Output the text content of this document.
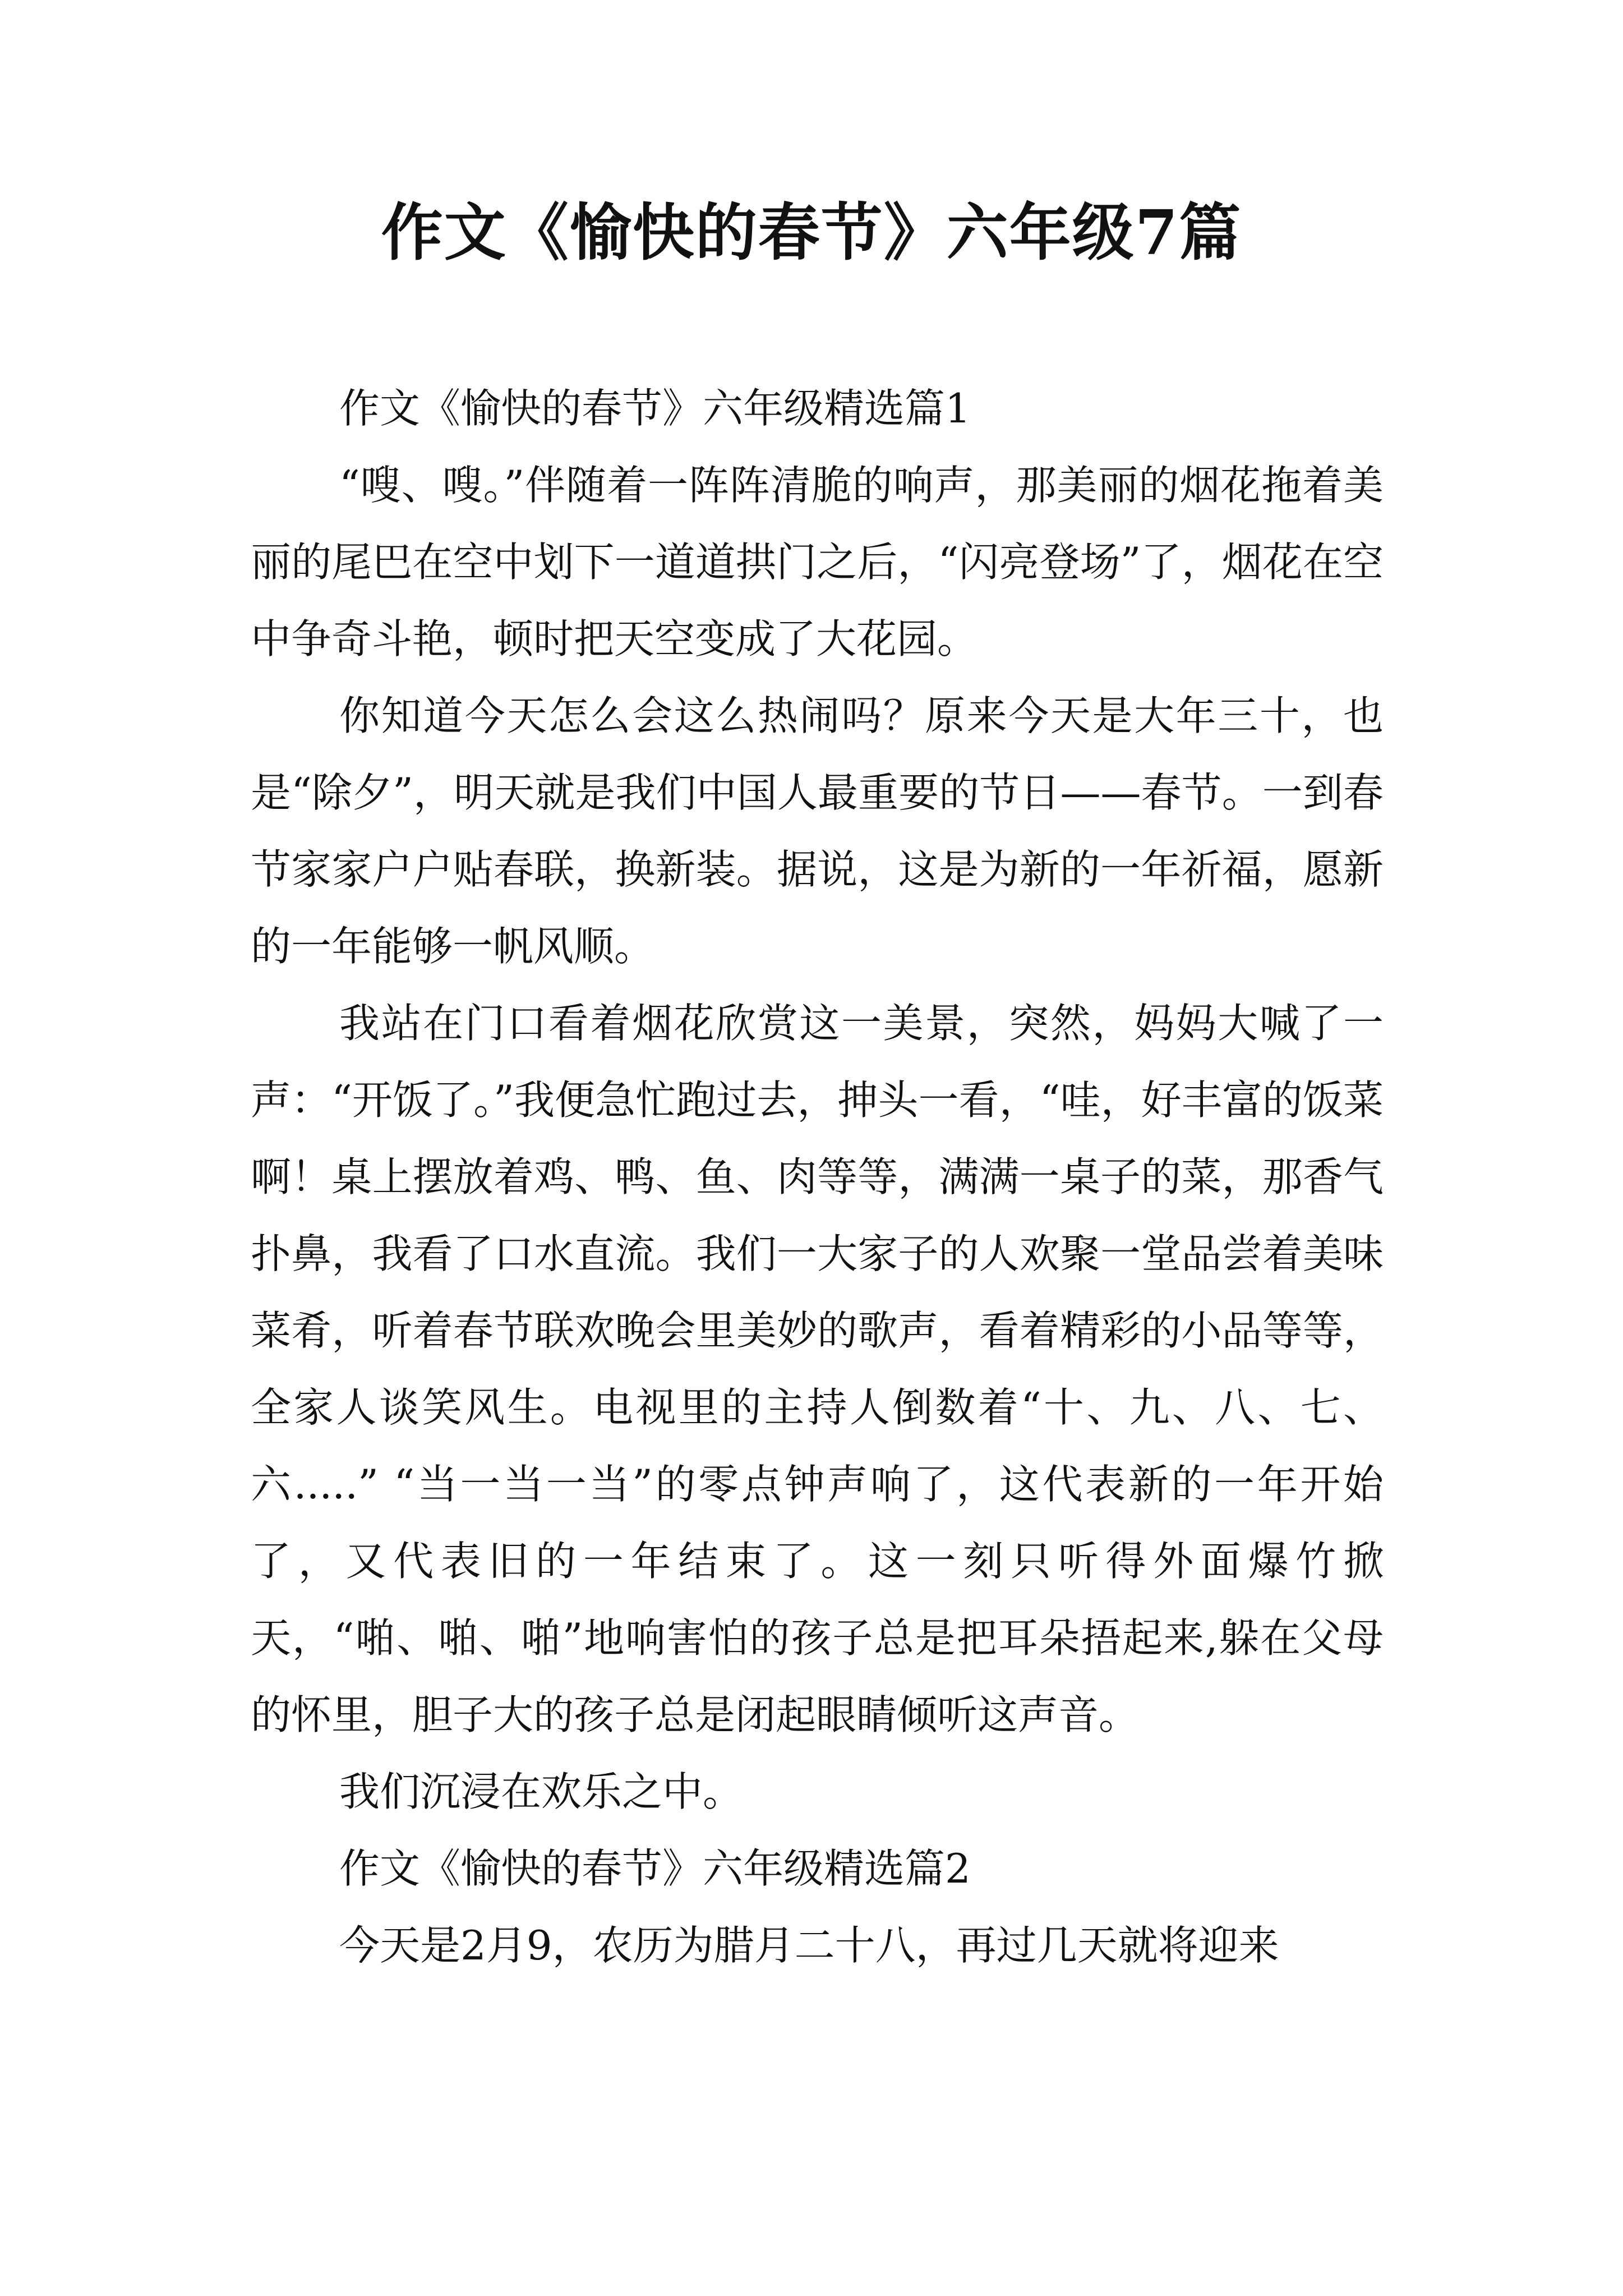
作文《愉快的春节》六年级7篇

作文《愉快的春节》六年级精选篇1

“嗖、嗖。”伴随着一阵阵清脆的响声，那美丽的烟花拖着美丽的尾巴在空中划下一道道拱门之后，“闪亮登场”了，烟花在空中争奇斗艳，顿时把天空变成了大花园。

你知道今天怎么会这么热闹吗？原来今天是大年三十，也是“除夕”，明天就是我们中国人最重要的节日——春节。一到春节家家户户贴春联，换新装。据说，这是为新的一年祈福，愿新的一年能够一帆风顺。

我站在门口看着烟花欣赏这一美景，突然，妈妈大喊了一声：“开饭了。”我便急忙跑过去，抻头一看，“哇，好丰富的饭菜啊！桌上摆放着鸡、鸭、鱼、肉等等，满满一桌子的菜，那香气扑鼻，我看了口水直流。我们一大家子的人欢聚一堂品尝着美味菜肴，听着春节联欢晚会里美妙的歌声，看着精彩的小品等等，全家人谈笑风生。电视里的主持人倒数着“十、九、八、七、六.....” “当一当一当”的零点钟声响了，这代表新的一年开始了，又代表旧的一年结束了。这一刻只听得外面爆竹掀天，“啪、啪、啪”地响害怕的孩子总是把耳朵捂起来,躲在父母的怀里，胆子大的孩子总是闭起眼睛倾听这声音。

我们沉浸在欢乐之中。

作文《愉快的春节》六年级精选篇2

今天是2月9，农历为腊月二十八，再过几天就将迎来
